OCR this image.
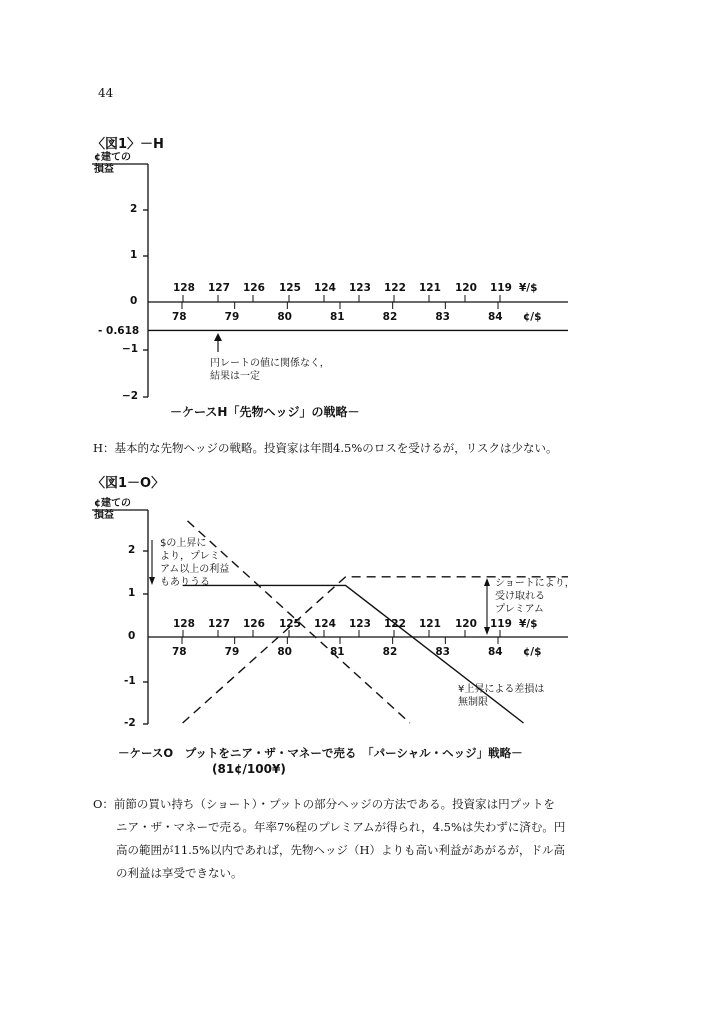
44
〈図1〉－H
¢建ての
損益
2
1
0
- 0.618
−1
−2
128 127 126 125 124 123 122 121 120 119
78	79	80	81	82	83	84
¥/$
¢/$
円レートの値に関係なく，
結果は一定
－ケースH「先物ヘッジ」の戦略－
H：基本的な先物ヘッジの戦略。投資家は年間4.5%のロスを受けるが，リスクは少ない。
〈図1－O〉
¢建ての
損益
2
1
0
-1
-2
128 127 126 125 124 123 122 121 120 119
78	79	80	81	82	83	84
¥/$
¢/$
$の上昇に
より，プレミ
アム以上の利益
もありうる	ショートにより，
受け取れる
プレミアム
¥上昇による差損は
無制限
－ケースO　プットをニア・ザ・マネーで売る　「パーシャル・ヘッジ」戦略－
(81¢/100¥)
O：前節の買い持ち（ショート）・プットの部分ヘッジの方法である。投資家は円プットを
ニア・ザ・マネーで売る。年率7%程のプレミアムが得られ，4.5%は失わずに済む。円
高の範囲が11.5%以内であれば，先物ヘッジ（H）よりも高い利益があがるが，ドル高
の利益は享受できない。
